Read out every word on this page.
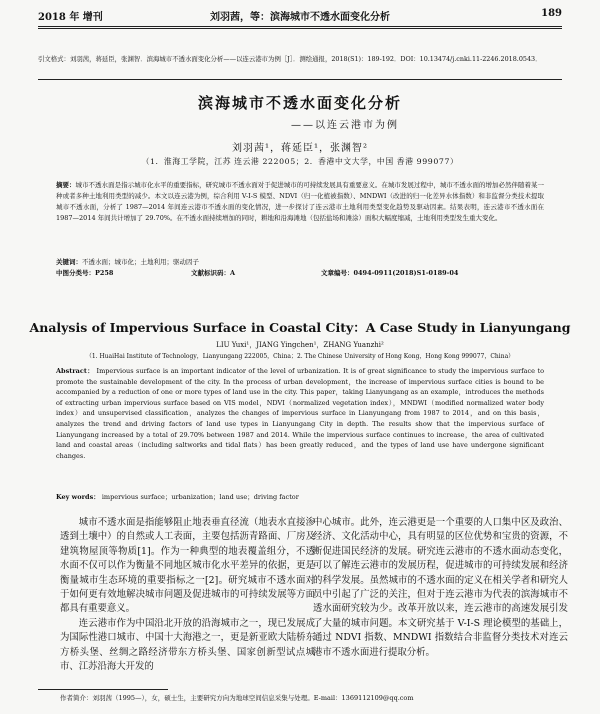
2018 年 增刊	刘羽茜，等：滨海城市不透水面变化分析	189
引文格式：刘羽茜，蒋延臣，张渊智．滨海城市不透水面变化分析——以连云港市为例［J］．测绘通报，2018(S1)：189-192．DOI：10.13474/j.cnki.11-2246.2018.0543．
滨海城市不透水面变化分析
——以连云港市为例
刘羽茜¹，蒋延臣¹，张渊智²
（1．淮海工学院，江苏 连云港 222005；2．香港中文大学，中国 香港 999077）
摘要：城市不透水面是指示城市化水平的重要指标，研究城市不透水面对于促进城市的可持续发展具有重要意义。在城市发展过程中，城市不透水面的增加必然伴随着某一种或者多种土地利用类型的减少。本文以连云港为例，综合利用 V-I-S 模型、NDVI（归一化植被指数）、MNDWI（改进的归一化差异水体指数）和非监督分类技术提取城市不透水面，分析了 1987—2014 年间连云港市不透水面的变化情况，进一步探讨了连云港市土地利用类型变化趋势及驱动因素。结果表明，连云港市不透水面在 1987—2014 年间共计增加了 29.70%。在不透水面持续增加的同时，耕地和沿海滩地（包括盐场和滩涂）面积大幅度缩减，土地利用类型发生重大变化。
关键词：不透水面；城市化；土地利用；驱动因子
中图分类号：P258	文献标识码：A	文章编号：0494-0911(2018)S1-0189-04
Analysis of Impervious Surface in Coastal City：A Case Study in Lianyungang
LIU Yuxi¹，JIANG Yingchen¹，ZHANG Yuanzhi²
（1. HuaiHai Institute of Technology，Lianyungang 222005，China；2. The Chinese University of Hong Kong，Hong Kong 999077，China）
Abstract： Impervious surface is an important indicator of the level of urbanization. It is of great significance to study the impervious surface to promote the sustainable development of the city. In the process of urban development，the increase of impervious surface cities is bound to be accompanied by a reduction of one or more types of land use in the city. This paper，taking Lianyungang as an example，introduces the methods of extracting urban impervious surface based on VIS model，NDVI（normalized vegetation index），MNDWI（modified normalized water body index）and unsupervised classification，analyzes the changes of impervious surface in Lianyungang from 1987 to 2014，and on this basis，analyzes the trend and driving factors of land use types in Lianyungang City in depth. The results show that the impervious surface of Lianyungang increased by a total of 29.70% between 1987 and 2014. While the impervious surface continues to increase，the area of cultivated land and coastal areas（including saltworks and tidal flats）has been greatly reduced，and the types of land use have undergone significant changes.
Key words： impervious surface；urbanization；land use；driving factor

城市不透水面是指能够阻止地表垂直径流（地表水直接渗透到土壤中）的自然或人工表面，主要包括沥青路面、厂房及建筑物屋顶等物质[1]。作为一种典型的地表覆盖组分，不透水面不仅可以作为衡量不同地区城市化水平差异的依据，更是衡量城市生态环境的重要指标之一[2]。研究城市不透水面对于如何更有效地解决城市问题及促进城市的可持续发展等方面都具有重要意义。

连云港市作为中国沿北开放的沿海城市之一，现已发展成为国际性港口城市、中国十大海港之一，更是新亚欧大陆桥东方桥头堡、丝绸之路经济带东方桥头堡、国家创新型试点城市、江苏沿海大开发的

中心城市。此外，连云港更是一个重要的人口集中区及政治、经济、文化活动中心，具有明显的区位优势和宝贵的资源，不断促进国民经济的发展。研究连云港市的不透水面动态变化，可以了解连云港市的发展历程，促进城市的可持续发展和经济的科学发展。虽然城市的不透水面的定义在相关学者和研究人员中引起了广泛的关注，但对于连云港市为代表的滨海城市不透水面研究较为少。改革开放以来，连云港市的高速发展引发了大量的城市问题。本文研究基于 V-I-S 理论模型的基础上，通过 NDVI 指数、MNDWI 指数结合非监督分类技术对连云港市不透水面进行提取分析。

作者简介：刘羽茜（1995—），女，硕士生，主要研究方向为地球空间信息采集与处理。E-mail：1369112109@qq.com
